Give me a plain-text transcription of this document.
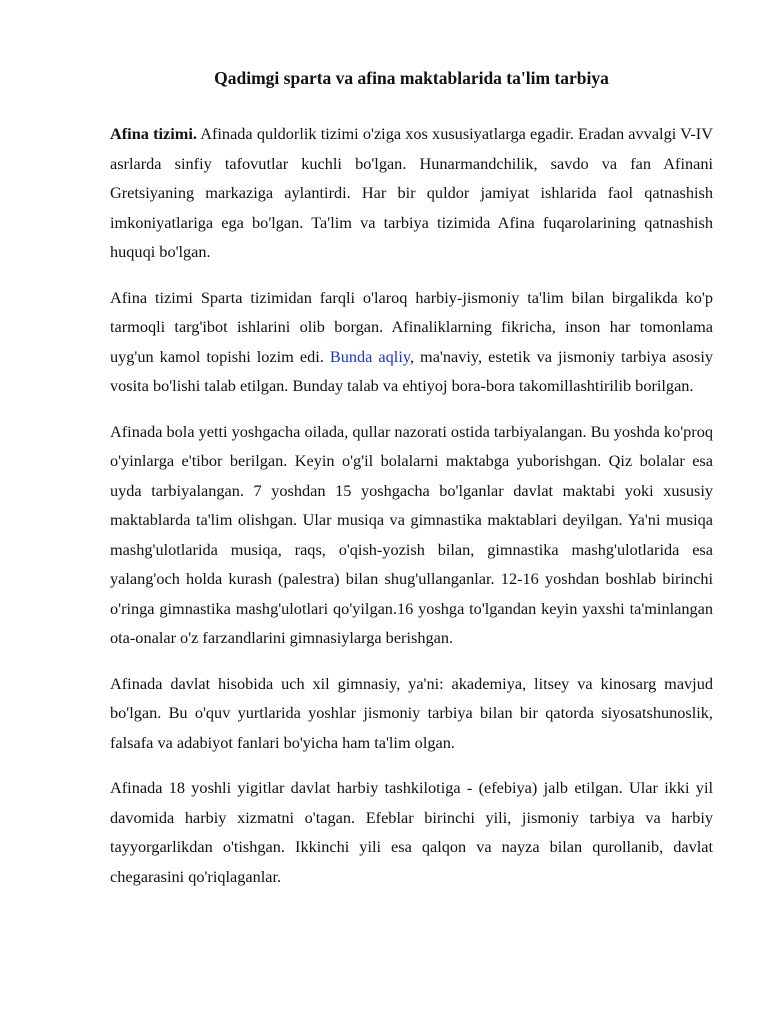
Qadimgi sparta va afina maktablarida ta'lim tarbiya

Afina tizimi. Afinada quldorlik tizimi o'ziga xos xususiyatlarga egadir. Eradan avvalgi V-IV asrlarda sinfiy tafovutlar kuchli bo'lgan. Hunarmandchilik, savdo va fan Afinani Gretsiyaning markaziga aylantirdi. Har bir quldor jamiyat ishlarida faol qatnashish imkoniyatlariga ega bo'lgan. Ta'lim va tarbiya tizimida Afina fuqarolarining qatnashish huquqi bo'lgan.

Afina tizimi Sparta tizimidan farqli o'laroq harbiy-jismoniy ta'lim bilan birgalikda ko'p tarmoqli targ'ibot ishlarini olib borgan. Afinaliklarning fikricha, inson har tomonlama uyg'un kamol topishi lozim edi. Bunda aqliy, ma'naviy, estetik va jismoniy tarbiya asosiy vosita bo'lishi talab etilgan. Bunday talab va ehtiyoj bora-bora takomillashtirilib borilgan.

Afinada bola yetti yoshgacha oilada, qullar nazorati ostida tarbiyalangan. Bu yoshda ko'proq o'yinlarga e'tibor berilgan. Keyin o'g'il bolalarni maktabga yuborishgan. Qiz bolalar esa uyda tarbiyalangan. 7 yoshdan 15 yoshgacha bo'lganlar davlat maktabi yoki xususiy maktablarda ta'lim olishgan. Ular musiqa va gimnastika maktablari deyilgan. Ya'ni musiqa mashg'ulotlarida musiqa, raqs, o'qish-yozish bilan, gimnastika mashg'ulotlarida esa yalang'och holda kurash (palestra) bilan shug'ullanganlar. 12-16 yoshdan boshlab birinchi o'ringa gimnastika mashg'ulotlari qo'yilgan.16 yoshga to'lgandan keyin yaxshi ta'minlangan ota-onalar o'z farzandlarini gimnasiylarga berishgan.

Afinada davlat hisobida uch xil gimnasiy, ya'ni: akademiya, litsey va kinosarg mavjud bo'lgan. Bu o'quv yurtlarida yoshlar jismoniy tarbiya bilan bir qatorda siyosatshunoslik, falsafa va adabiyot fanlari bo'yicha ham ta'lim olgan.

Afinada 18 yoshli yigitlar davlat harbiy tashkilotiga - (efebiya) jalb etilgan. Ular ikki yil davomida harbiy xizmatni o'tagan. Efeblar birinchi yili, jismoniy tarbiya va harbiy tayyorgarlikdan o'tishgan. Ikkinchi yili esa qalqon va nayza bilan qurollanib, davlat chegarasini qo'riqlaganlar.
